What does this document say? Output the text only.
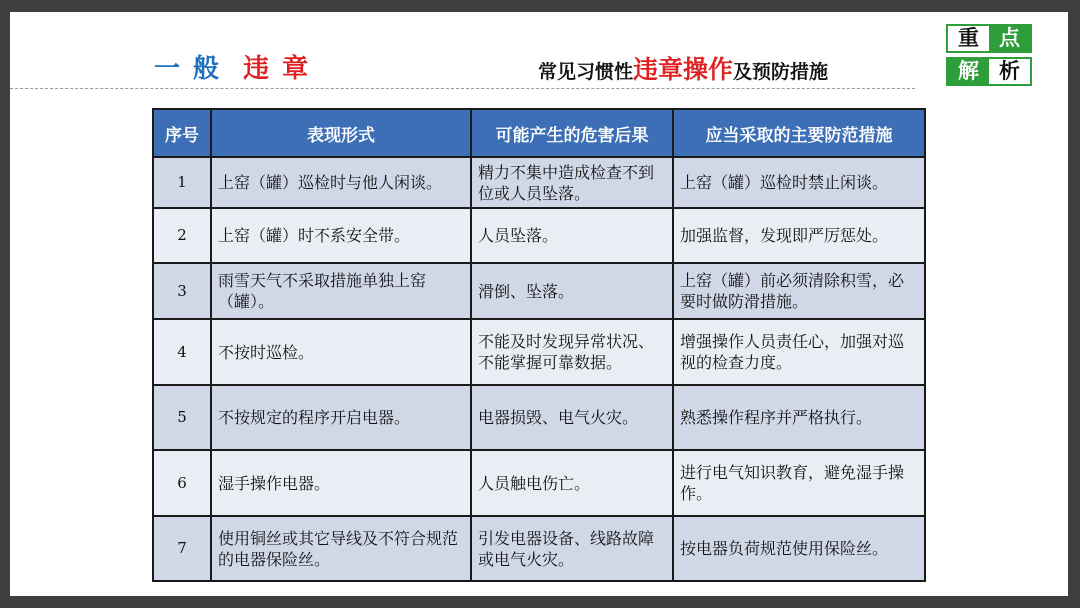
一 般 违 章	常见习惯性违章操作及预防措施
重 点
解 析
序号	表现形式	可能产生的危害后果	应当采取的主要防范措施
1	上窑（罐）巡检时与他人闲谈。	精力不集中造成检查不到位或人员坠落。	上窑（罐）巡检时禁止闲谈。
2	上窑（罐）时不系安全带。	人员坠落。	加强监督，发现即严厉惩处。
3	雨雪天气不采取措施单独上窑（罐）。	滑倒、坠落。	上窑（罐）前必须清除积雪，必要时做防滑措施。
4	不按时巡检。	不能及时发现异常状况、不能掌握可靠数据。	增强操作人员责任心，加强对巡视的检查力度。
5	不按规定的程序开启电器。	电器损毁、电气火灾。	熟悉操作程序并严格执行。
6	湿手操作电器。	人员触电伤亡。	进行电气知识教育，避免湿手操作。
7	使用铜丝或其它导线及不符合规范的电器保险丝。	引发电器设备、线路故障或电气火灾。	按电器负荷规范使用保险丝。
